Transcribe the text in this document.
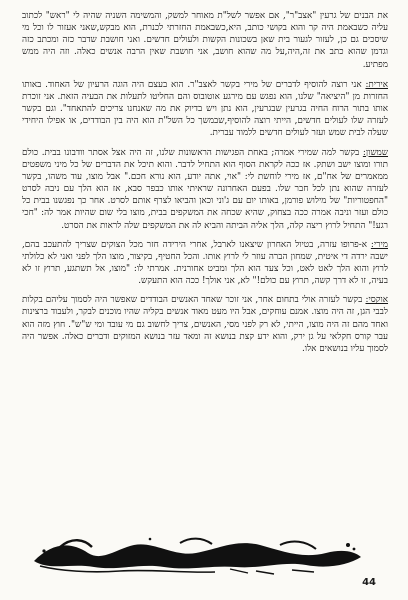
את הבנים של גרעין "אצב"ר", אם אפשר לשל"ת מאוחר למשק, והמשימה השניה שהיה לי "ראש" לכתוב עליה כשבאמת היה קר והוא בקושי כותב, היא,כשבאמת החזרתי לכנרת, הוא מבקש,שאני אעזור לו וכל מי שיסכים גם כן, לעזור לגעור בית שאן בשכונות הקשות ולעולים חדשים. ואני חושבת שדבר כזה ומכתב כזה וגדמן שהוא כתב את זה,היה,על מה שהוא חושב, אני חושבת שאין הרבה אנשים כאלה. וזה היה ממש מפתיע.

אירית: אני רוצה להוסיף לדברים של מירי בקשר לאצב"ר. הוא בעצם היה הוגה הרעיון של האחוד. באותו החזרות מן "היציאה" שלנו, הוא נפגש עם מירגע אוטובוס והם החליטו לתעלות את הבעיה הזאת. אני זוכרת אותו בתור הרוח החיה בגרעין שבגרעין, הוא נתן ויש בדיוק את מה שאנחנו צריכים להתאחד". וגם בקשר לעזרה שלו לעולים חדשים, הייתי רוצה להוסיף,שבמשך כל השל"ת הוא היה בין הבודדים, או אפילו היחידי שעלה לבית שמש ועזר לעולים חדשים ללמוד עברית.

שמשון: בקשר למה שמירי אמרה; באחת הפגישות הראשונות שלנו, זה היה אצל אסתר וודבונו בבית. כולם תורו ומוצו ישב ושתק. אז ככה לקראת הסוף הוא התחיל לדבר. והוא תיכל את הדברים של כל מיני משפטים ממאמרים של אח"ם, אז מירי לוחשת לי: "אוי, אתה יודע, הוא נורא חכם." אבל מוצו, עוד משהו, בקשר לעזרה שהוא נתן לכל חבר שלו. בפעם האחרונה שראיתי אותו כבפר סבא, אז הוא הלך עם ניבה לסרט "החפטוריות" של מילוש פורמן, באותו יום עם ג'וני וכאן והביאו לצרף אותם לסרט. אחר כך נפגשנו בבית כל כולם ועזר וניבה אמרה ככה בצחוק, שהיא שכחה את המשקפים בבית, מוצו בלי שום שהיות אמר לה: "חכי רגע!" התחיל לרוץ ריצה קלה, הלך אליה הביתה והביא לה את המשקפים שלה לראות את הסרט.

מירי: א-פרופו עזרה, בטיול האחרון שיצאנו לארבל, אחרי הירידה חזר מכל הצוקים שצריך להתעכב בהם, ישבה ירדה די איטית, שמחון הברה עוזר לי לרוץ אותו. והכל החטיף, בקיצור, מוצו הלך לפני ואני לא כלולתי לרוץ והוא הלך לאט לאט, וכל צעד הוא הלך ומביט אחורנית. אמרתי לו: "מוצו, אל תשתגע, תרוץ זו לא בעיה, זו לא דרך קשה, תרוץ עם כולם!" לא, אני אולך! ככה הוא התעקש.

אוקסי: בקשר לעזרה אולי בתחום אחר, אני זוכר שאחד האנשים הבודדים שאפשר היה לסמוך עליהם בקלות לבבי הגן, זה היה מוצו. אמנם עוחקים, אבל היו מעט מאוד אנשים בקליה שהיו מוכנים לבקר, ולעבוד ברצינות ואחד מהם זה היה מוצו, הייתי, לא רק לפני מסי, האנשים, צריך לחשוב גם מי עובד ומי ש"ש". חוץ מזה הוא עבר קורס חקלאי על גן ירק, והוא ידע קצת בנושא זה ומאד עזר בנושא המזוקים ודברים כאלה. אפשר היה לסמוך עליו בנושאים אלו.

44
